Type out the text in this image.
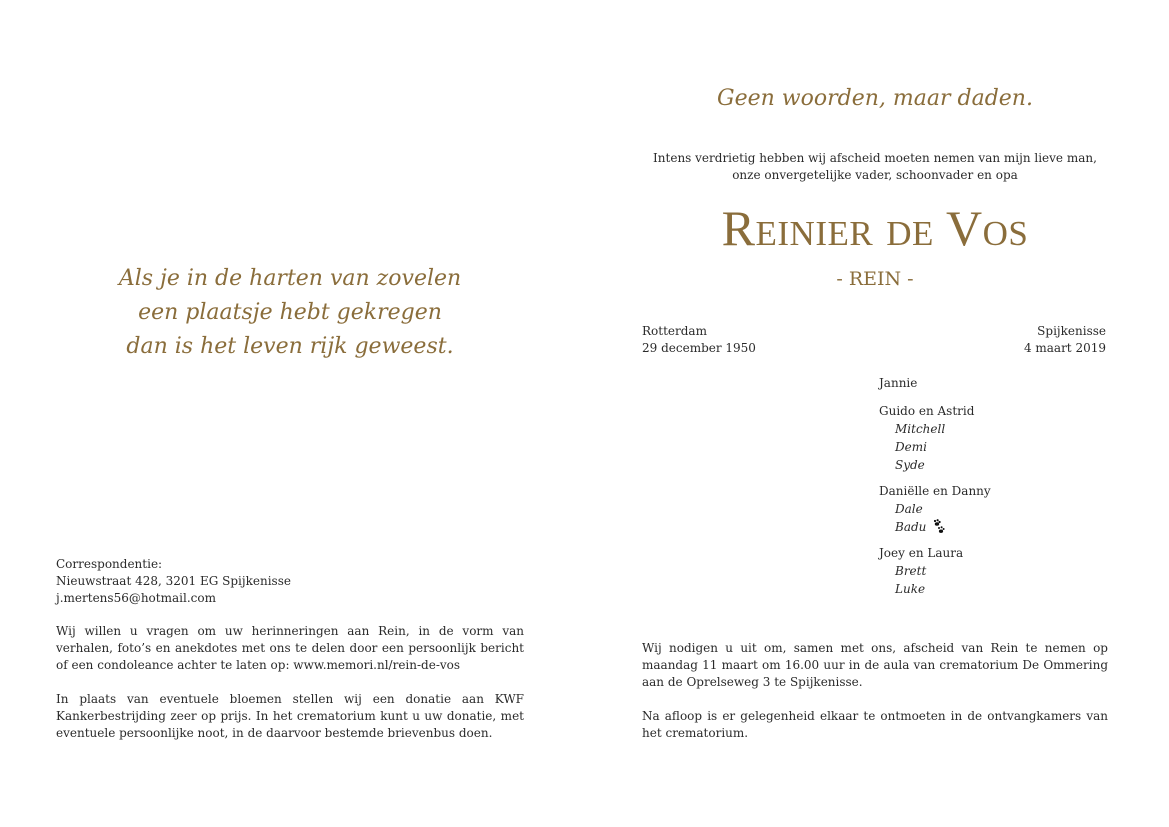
Als je in de harten van zovelen
een plaatsje hebt gekregen
dan is het leven rijk geweest.
Correspondentie:
Nieuwstraat 428, 3201 EG Spijkenisse
j.mertens56@hotmail.com

Wij willen u vragen om uw herinneringen aan Rein, in de vorm van verhalen, foto’s en anekdotes met ons te delen door een persoonlijk bericht of een condoleance achter te laten op: www.memori.nl/rein-de-vos

In plaats van eventuele bloemen stellen wij een donatie aan KWF Kankerbestrijding zeer op prijs. In het crematorium kunt u uw donatie, met eventuele persoonlijke noot, in de daarvoor bestemde brievenbus doen.

Geen woorden, maar daden.
Intens verdrietig hebben wij afscheid moeten nemen van mijn lieve man,
onze onvergetelijke vader, schoonvader en opa
Reinier de Vos
- REIN -
Rotterdam
29 december 1950
Spijkenisse
4 maart 2019
Jannie
Guido en Astrid
Mitchell
Demi
Syde
Daniëlle en Danny
Dale
Badu
Joey en Laura
Brett
Luke

Wij nodigen u uit om, samen met ons, afscheid van Rein te nemen op maandag 11 maart om 16.00 uur in de aula van crematorium De Ommering aan de Oprelseweg 3 te Spijkenisse.

Na afloop is er gelegenheid elkaar te ontmoeten in de ontvangkamers van het crematorium.
